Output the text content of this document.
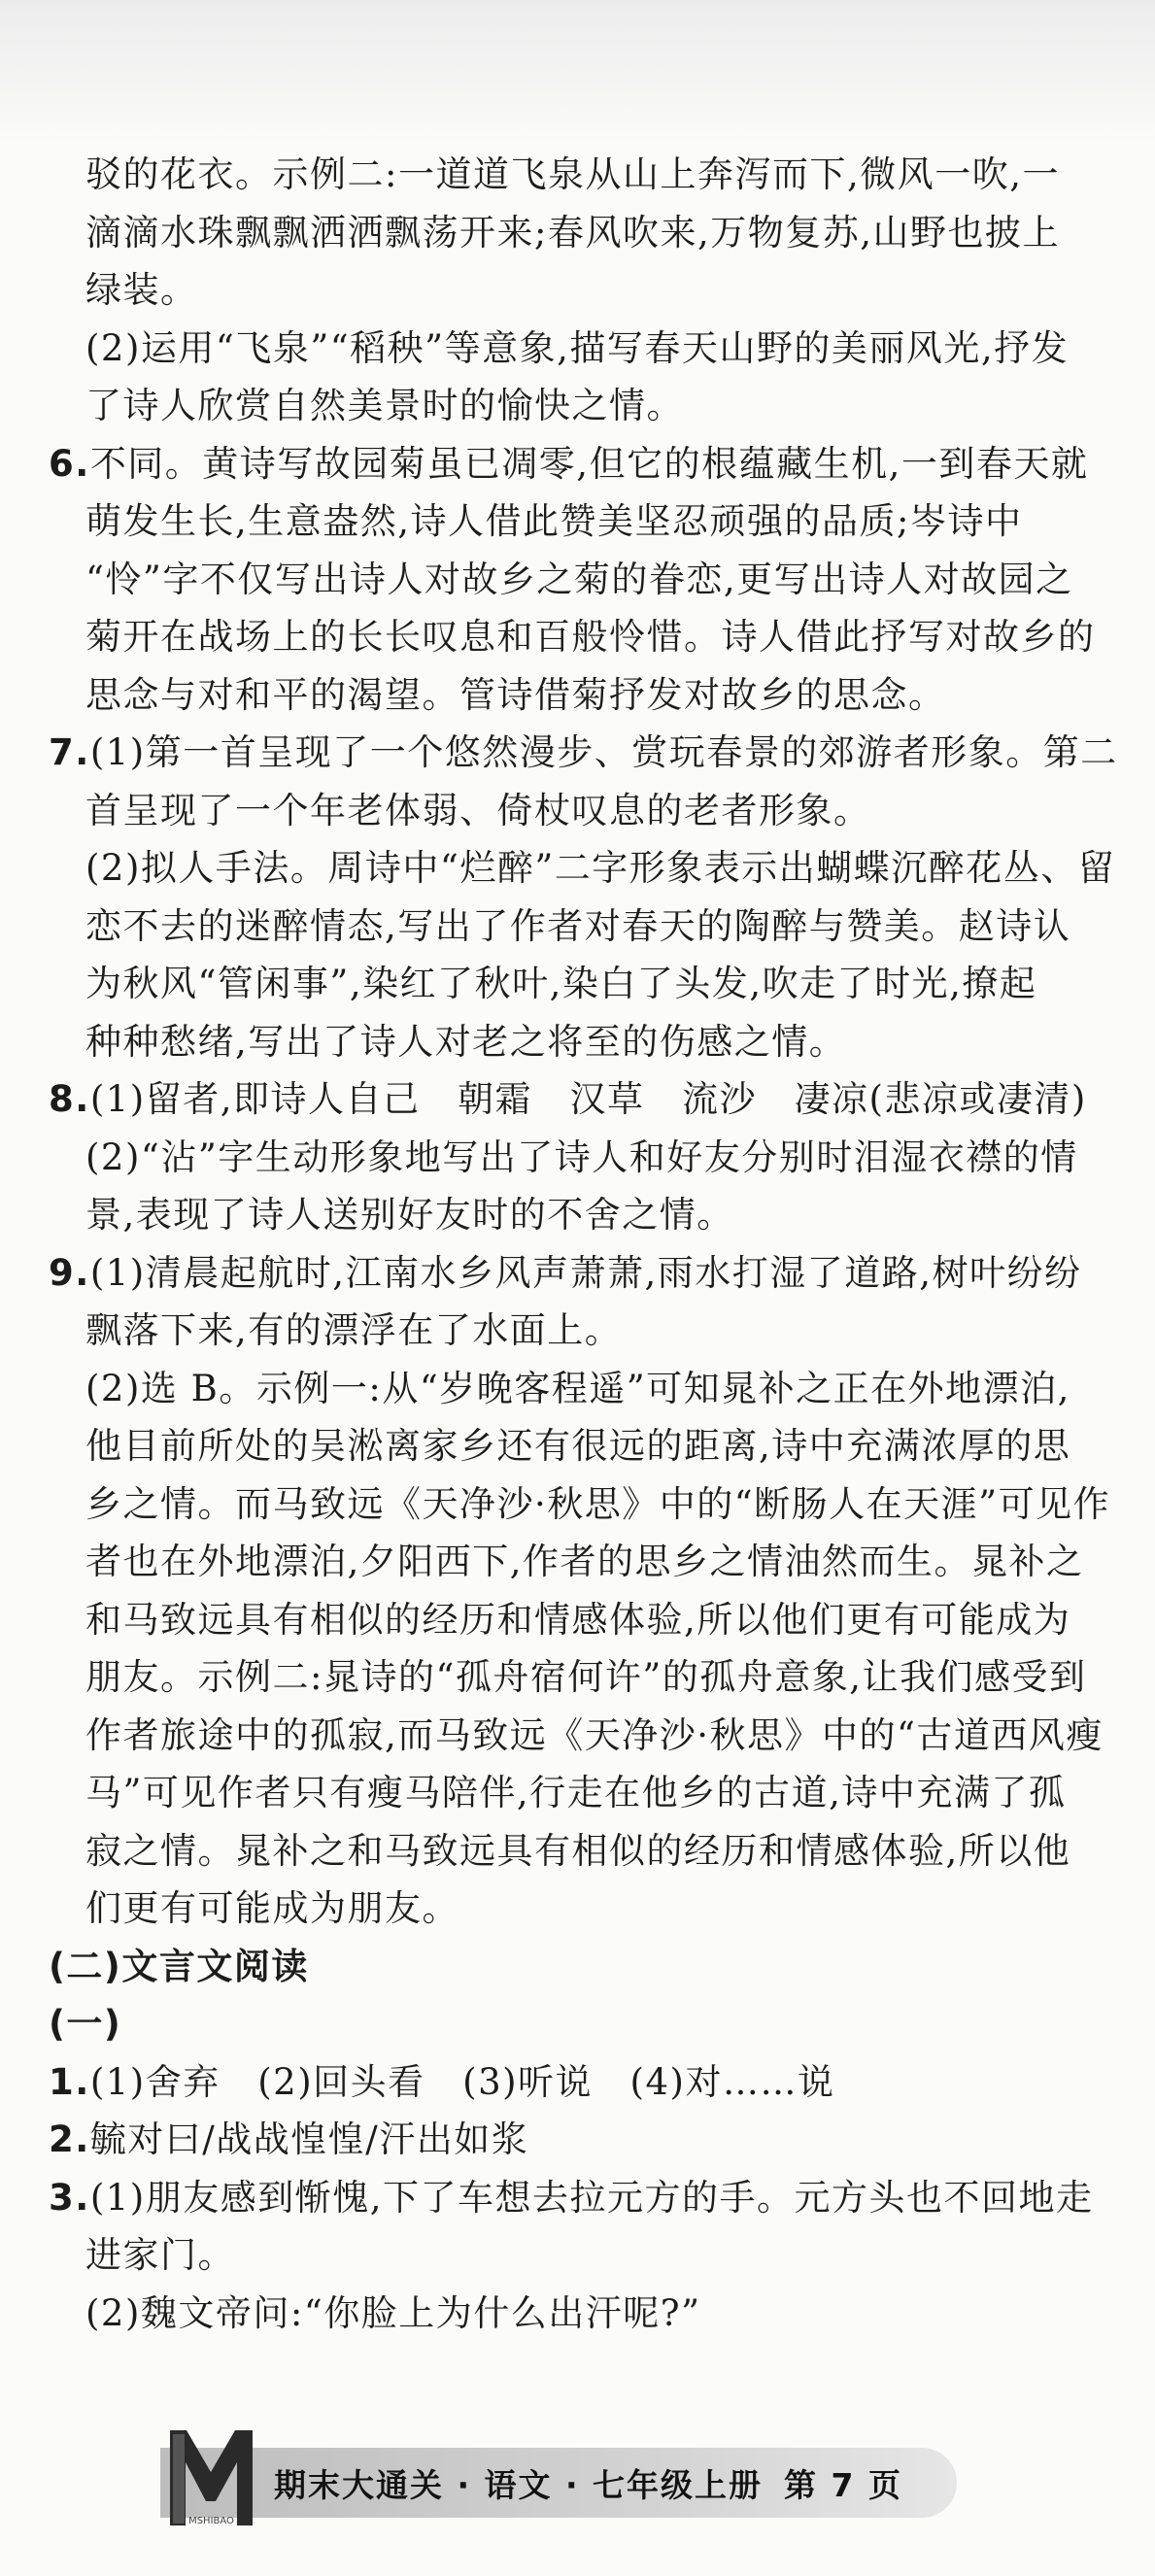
驳的花衣。示例二:一道道飞泉从山上奔泻而下,微风一吹,一
滴滴水珠飘飘洒洒飘荡开来;春风吹来,万物复苏,山野也披上
绿装。
(2)运用“飞泉”“稻秧”等意象,描写春天山野的美丽风光,抒发
了诗人欣赏自然美景时的愉快之情。
6.不同。黄诗写故园菊虽已凋零,但它的根蕴藏生机,一到春天就
萌发生长,生意盎然,诗人借此赞美坚忍顽强的品质;岑诗中
“怜”字不仅写出诗人对故乡之菊的眷恋,更写出诗人对故园之
菊开在战场上的长长叹息和百般怜惜。诗人借此抒写对故乡的
思念与对和平的渴望。管诗借菊抒发对故乡的思念。
7.(1)第一首呈现了一个悠然漫步、赏玩春景的郊游者形象。第二
首呈现了一个年老体弱、倚杖叹息的老者形象。
(2)拟人手法。周诗中“烂醉”二字形象表示出蝴蝶沉醉花丛、留
恋不去的迷醉情态,写出了作者对春天的陶醉与赞美。赵诗认
为秋风“管闲事”,染红了秋叶,染白了头发,吹走了时光,撩起
种种愁绪,写出了诗人对老之将至的伤感之情。
8.(1)留者,即诗人自己　朝霜　汉草　流沙　凄凉(悲凉或凄清)
(2)“沾”字生动形象地写出了诗人和好友分别时泪湿衣襟的情
景,表现了诗人送别好友时的不舍之情。
9.(1)清晨起航时,江南水乡风声萧萧,雨水打湿了道路,树叶纷纷
飘落下来,有的漂浮在了水面上。
(2)选 B。示例一:从“岁晚客程遥”可知晁补之正在外地漂泊,
他目前所处的吴淞离家乡还有很远的距离,诗中充满浓厚的思
乡之情。而马致远《天净沙·秋思》中的“断肠人在天涯”可见作
者也在外地漂泊,夕阳西下,作者的思乡之情油然而生。晁补之
和马致远具有相似的经历和情感体验,所以他们更有可能成为
朋友。示例二:晁诗的“孤舟宿何许”的孤舟意象,让我们感受到
作者旅途中的孤寂,而马致远《天净沙·秋思》中的“古道西风瘦
马”可见作者只有瘦马陪伴,行走在他乡的古道,诗中充满了孤
寂之情。晁补之和马致远具有相似的经历和情感体验,所以他
们更有可能成为朋友。
(二)文言文阅读
(一)
1.(1)舍弃　(2)回头看　(3)听说　(4)对……说
2.毓对曰/战战惶惶/汗出如浆
3.(1)朋友感到惭愧,下了车想去拉元方的手。元方头也不回地走
进家门。
(2)魏文帝问:“你脸上为什么出汗呢?”
MSHIBAO
期末大通关 · 语文 · 七年级上册 第 7 页
